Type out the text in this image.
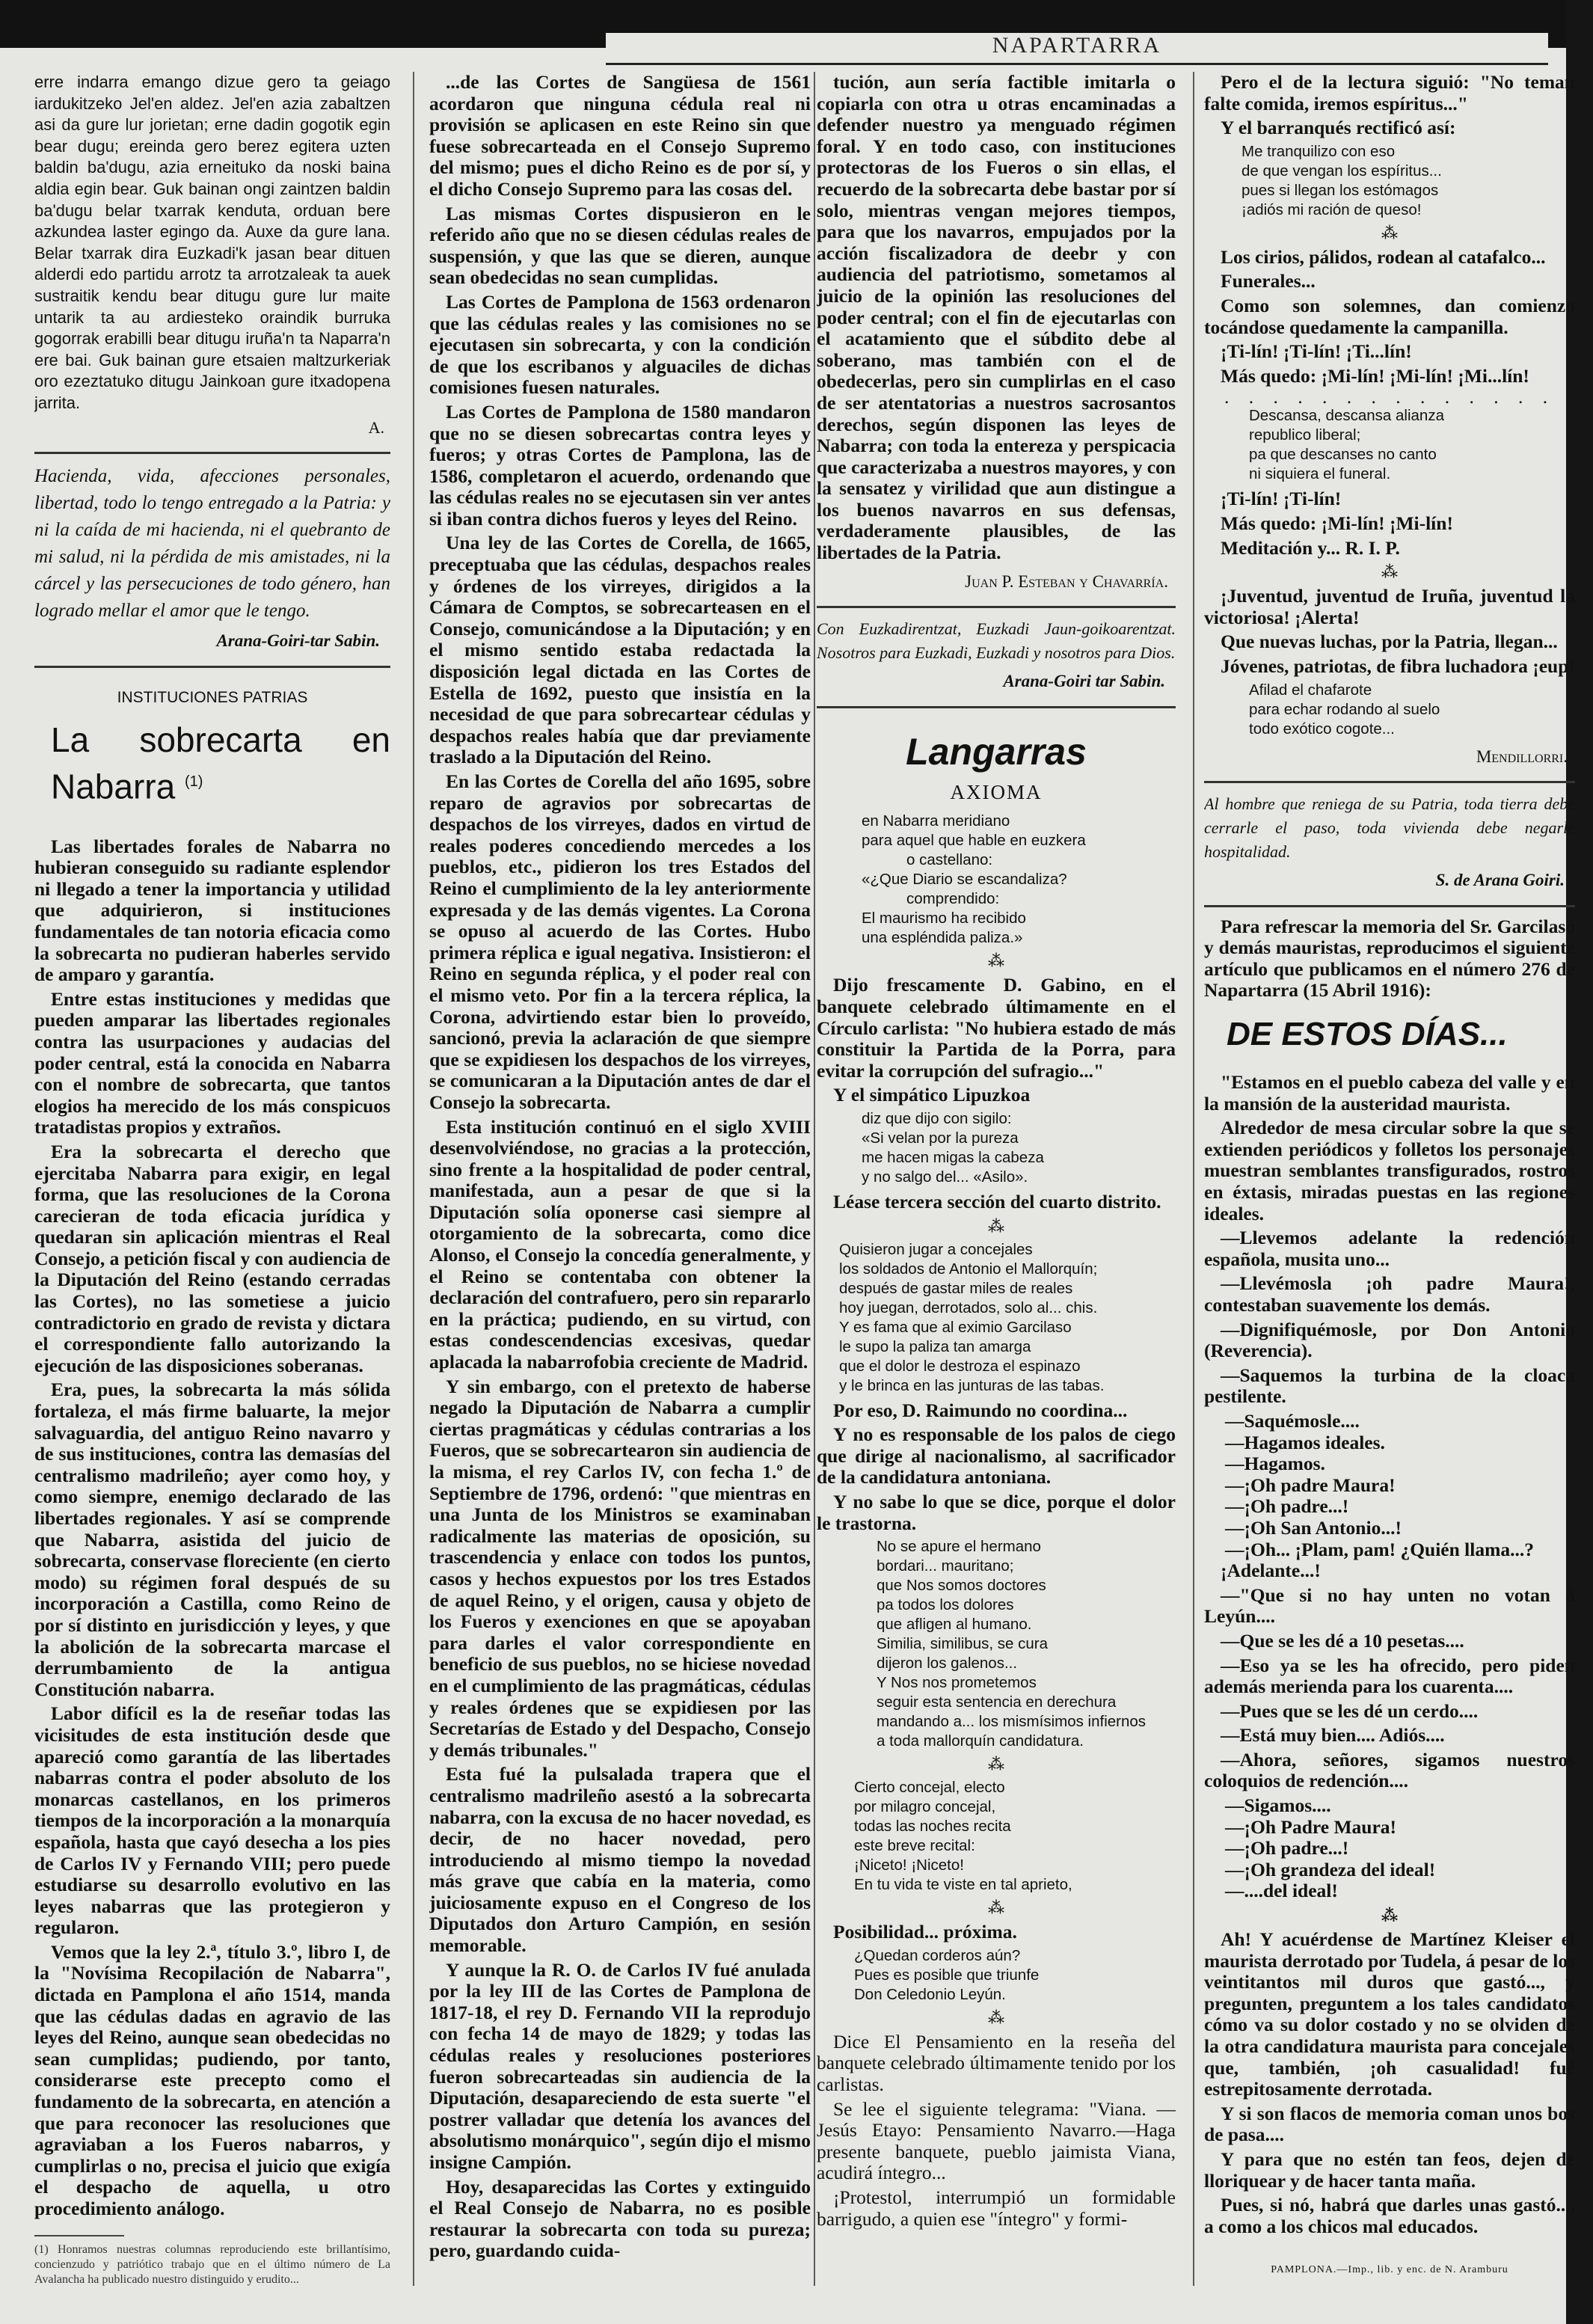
NAPARTARRA

erre indarra emango dizue gero ta geiago iardukitzeko Jel'en aldez. Jel'en azia zabaltzen asi da gure lur jorietan; erne dadin gogotik egin bear dugu; ereinda gero berez egitera uzten baldin ba'dugu, azia erneituko da noski baina aldia egin bear. Guk bainan ongi zaintzen baldin ba'dugu belar txarrak kenduta, orduan bere azkundea laster egingo da. Auxe da gure lana. Belar txarrak dira Euzkadi'k jasan bear dituen alderdi edo partidu arrotz ta arrotzaleak ta auek sustraitik kendu bear ditugu gure lur maite untarik ta au ardiesteko oraindik burruka gogorrak erabilli bear ditugu iruña'n ta Naparra'n ere bai. Guk bainan gure etsaien maltzurkeriak oro ezeztatuko ditugu Jainkoan gure itxadopena jarrita.

A.

Hacienda, vida, afecciones personales, libertad, todo lo tengo entregado a la Patria: y ni la caída de mi hacienda, ni el quebranto de mi salud, ni la pérdida de mis amistades, ni la cárcel y las persecuciones de todo género, han logrado mellar el amor que le tengo.

Arana-Goiri-tar Sabin.
INSTITUCIONES PATRIAS
La sobrecarta en Nabarra $^{(1)}$

Las libertades forales de Nabarra no hubieran conseguido su radiante esplendor ni llegado a tener la importancia y utilidad que adquirieron, si instituciones fundamentales de tan notoria eficacia como la sobrecarta no pudieran haberles servido de amparo y garantía.

Entre estas instituciones y medidas que pueden amparar las libertades regionales contra las usurpaciones y audacias del poder central, está la conocida en Nabarra con el nombre de sobrecarta, que tantos elogios ha merecido de los más conspicuos tratadistas propios y extraños.

Era la sobrecarta el derecho que ejercitaba Nabarra para exigir, en legal forma, que las resoluciones de la Corona carecieran de toda eficacia jurídica y quedaran sin aplicación mientras el Real Consejo, a petición fiscal y con audiencia de la Diputación del Reino (estando cerradas las Cortes), no las sometiese a juicio contradictorio en grado de revista y dictara el correspondiente fallo autorizando la ejecución de las disposiciones soberanas.

Era, pues, la sobrecarta la más sólida fortaleza, el más firme baluarte, la mejor salvaguardia, del antiguo Reino navarro y de sus instituciones, contra las demasías del centralismo madrileño; ayer como hoy, y como siempre, enemigo declarado de las libertades regionales. Y así se comprende que Nabarra, asistida del juicio de sobrecarta, conservase floreciente (en cierto modo) su régimen foral después de su incorporación a Castilla, como Reino de por sí distinto en jurisdicción y leyes, y que la abolición de la sobrecarta marcase el derrumbamiento de la antigua Constitución nabarra.

Labor difícil es la de reseñar todas las vicisitudes de esta institución desde que apareció como garantía de las libertades nabarras contra el poder absoluto de los monarcas castellanos, en los primeros tiempos de la incorporación a la monarquía española, hasta que cayó desecha a los pies de Carlos IV y Fernando VIII; pero puede estudiarse su desarrollo evolutivo en las leyes nabarras que las protegieron y regularon.

Vemos que la ley 2.ª, título 3.º, libro I, de la "Novísima Recopilación de Nabarra", dictada en Pamplona el año 1514, manda que las cédulas dadas en agravio de las leyes del Reino, aunque sean obedecidas no sean cumplidas; pudiendo, por tanto, considerarse este precepto como el fundamento de la sobrecarta, en atención a que para reconocer las resoluciones que agraviaban a los Fueros nabarros, y cumplirlas o no, precisa el juicio que exigía el despacho de aquella, u otro procedimiento análogo.

(1) Honramos nuestras columnas reproduciendo este brillantísimo, concienzudo y patriótico trabajo que en el último número de La Avalancha ha publicado nuestro distinguido y erudito...

...de las Cortes de Sangüesa de 1561 acordaron que ninguna cédula real ni provisión se aplicasen en este Reino sin que fuese sobrecarteada en el Consejo Supremo del mismo; pues el dicho Reino es de por sí, y el dicho Consejo Supremo para las cosas del.

Las mismas Cortes dispusieron en le referido año que no se diesen cédulas reales de suspensión, y que las que se dieren, aunque sean obedecidas no sean cumplidas.

Las Cortes de Pamplona de 1563 ordenaron que las cédulas reales y las comisiones no se ejecutasen sin sobrecarta, y con la condición de que los escribanos y alguaciles de dichas comisiones fuesen naturales.

Las Cortes de Pamplona de 1580 mandaron que no se diesen sobrecartas contra leyes y fueros; y otras Cortes de Pamplona, las de 1586, completaron el acuerdo, ordenando que las cédulas reales no se ejecutasen sin ver antes si iban contra dichos fueros y leyes del Reino.

Una ley de las Cortes de Corella, de 1665, preceptuaba que las cédulas, despachos reales y órdenes de los virreyes, dirigidos a la Cámara de Comptos, se sobrecarteasen en el Consejo, comunicándose a la Diputación; y en el mismo sentido estaba redactada la disposición legal dictada en las Cortes de Estella de 1692, puesto que insistía en la necesidad de que para sobrecartear cédulas y despachos reales había que dar previamente traslado a la Diputación del Reino.

En las Cortes de Corella del año 1695, sobre reparo de agravios por sobrecartas de despachos de los virreyes, dados en virtud de reales poderes concediendo mercedes a los pueblos, etc., pidieron los tres Estados del Reino el cumplimiento de la ley anteriormente expresada y de las demás vigentes. La Corona se opuso al acuerdo de las Cortes. Hubo primera réplica e igual negativa. Insistieron: el Reino en segunda réplica, y el poder real con el mismo veto. Por fin a la tercera réplica, la Corona, advirtiendo estar bien lo proveído, sancionó, previa la aclaración de que siempre que se expidiesen los despachos de los virreyes, se comunicaran a la Diputación antes de dar el Consejo la sobrecarta.

Esta institución continuó en el siglo XVIII desenvolviéndose, no gracias a la protección, sino frente a la hospitalidad de poder central, manifestada, aun a pesar de que si la Diputación solía oponerse casi siempre al otorgamiento de la sobrecarta, como dice Alonso, el Consejo la concedía generalmente, y el Reino se contentaba con obtener la declaración del contrafuero, pero sin repararlo en la práctica; pudiendo, en su virtud, con estas condescendencias excesivas, quedar aplacada la nabarrofobia creciente de Madrid.

Y sin embargo, con el pretexto de haberse negado la Diputación de Nabarra a cumplir ciertas pragmáticas y cédulas contrarias a los Fueros, que se sobrecartearon sin audiencia de la misma, el rey Carlos IV, con fecha 1.º de Septiembre de 1796, ordenó: "que mientras en una Junta de los Ministros se examinaban radicalmente las materias de oposición, su trascendencia y enlace con todos los puntos, casos y hechos expuestos por los tres Estados de aquel Reino, y el origen, causa y objeto de los Fueros y exenciones en que se apoyaban para darles el valor correspondiente en beneficio de sus pueblos, no se hiciese novedad en el cumplimiento de las pragmáticas, cédulas y reales órdenes que se expidiesen por las Secretarías de Estado y del Despacho, Consejo y demás tribunales."

Esta fué la pulsalada trapera que el centralismo madrileño asestó a la sobrecarta nabarra, con la excusa de no hacer novedad, es decir, de no hacer novedad, pero introduciendo al mismo tiempo la novedad más grave que cabía en la materia, como juiciosamente expuso en el Congreso de los Diputados don Arturo Campión, en sesión memorable.

Y aunque la R. O. de Carlos IV fué anulada por la ley III de las Cortes de Pamplona de 1817-18, el rey D. Fernando VII la reprodujo con fecha 14 de mayo de 1829; y todas las cédulas reales y resoluciones posteriores fueron sobrecarteadas sin audiencia de la Diputación, desapareciendo de esta suerte "el postrer valladar que detenía los avances del absolutismo monárquico", según dijo el mismo insigne Campión.

Hoy, desaparecidas las Cortes y extinguido el Real Consejo de Nabarra, no es posible restaurar la sobrecarta con toda su pureza; pero, guardando cuida-

tución, aun sería factible imitarla o copiarla con otra u otras encaminadas a defender nuestro ya menguado régimen foral. Y en todo caso, con instituciones protectoras de los Fueros o sin ellas, el recuerdo de la sobrecarta debe bastar por sí solo, mientras vengan mejores tiempos, para que los navarros, empujados por la acción fiscalizadora de deebr y con audiencia del patriotismo, sometamos al juicio de la opinión las resoluciones del poder central; con el fin de ejecutarlas con el acatamiento que el súbdito debe al soberano, mas también con el de obedecerlas, pero sin cumplirlas en el caso de ser atentatorias a nuestros sacrosantos derechos, según disponen las leyes de Nabarra; con toda la entereza y perspicacia que caracterizaba a nuestros mayores, y con la sensatez y virilidad que aun distingue a los buenos navarros en sus defensas, verdaderamente plausibles, de las libertades de la Patria.

Juan P. Esteban y Chavarría.

Con Euzkadirentzat, Euzkadi Jaun-goikoarentzat. Nosotros para Euzkadi, Euzkadi y nosotros para Dios.

Arana-Goiri tar Sabin.
Langarras
AXIOMA
en Nabarra meridiano
para aquel que hable en euzkera
o castellano:
«¿Que Diario se escandaliza?
comprendido:
El maurismo ha recibido
una espléndida paliza.»
⁂

Dijo frescamente D. Gabino, en el banquete celebrado últimamente en el Círculo carlista: "No hubiera estado de más constituir la Partida de la Porra, para evitar la corrupción del sufragio..."

Y el simpático Lipuzkoa

diz que dijo con sigilo:
«Si velan por la pureza
me hacen migas la cabeza
y no salgo del... «Asilo».

Léase tercera sección del cuarto distrito.

⁂
Quisieron jugar a concejales
los soldados de Antonio el Mallorquín;
después de gastar miles de reales
hoy juegan, derrotados, solo al... chis.
Y es fama que al eximio Garcilaso
le supo la paliza tan amarga
que el dolor le destroza el espinazo
y le brinca en las junturas de las tabas.

Por eso, D. Raimundo no coordina...

Y no es responsable de los palos de ciego que dirige al nacionalismo, al sacrificador de la candidatura antoniana.

Y no sabe lo que se dice, porque el dolor le trastorna.

No se apure el hermano
bordari... mauritano;
que Nos somos doctores
pa todos los dolores
que afligen al humano.
Similia, similibus, se cura
dijeron los galenos...
Y Nos nos prometemos
seguir esta sentencia en derechura
mandando a... los mismísimos infiernos
a toda mallorquín candidatura.
⁂
Cierto concejal, electo
por milagro concejal,
todas las noches recita
este breve recital:
¡Niceto! ¡Niceto!
En tu vida te viste en tal aprieto,
⁂

Posibilidad... próxima.

¿Quedan corderos aún?
Pues es posible que triunfe
Don Celedonio Leyún.
⁂

Dice El Pensamiento en la reseña del banquete celebrado últimamente tenido por los carlistas.

Se lee el siguiente telegrama: "Viana. —Jesús Etayo: Pensamiento Navarro.—Haga presente banquete, pueblo jaimista Viana, acudirá íntegro...

¡Protestol, interrumpió un formidable barrigudo, a quien ese "íntegro" y formi-

Pero el de la lectura siguió: "No teman falte comida, iremos espíritus..."

Y el barranqués rectificó así:

Me tranquilizo con eso
de que vengan los espíritus...
pues si llegan los estómagos
¡adiós mi ración de queso!
⁂

Los cirios, pálidos, rodean al catafalco...

Funerales...

Como son solemnes, dan comienzo tocándose quedamente la campanilla.

¡Ti-lín! ¡Ti-lín! ¡Ti...lín!

Más quedo: ¡Mi-lín! ¡Mi-lín! ¡Mi...lín!

. . . . . . . . . . . . . .
Descansa, descansa alianza
republico liberal;
pa que descanses no canto
ni siquiera el funeral.

¡Ti-lín! ¡Ti-lín!

Más quedo: ¡Mi-lín! ¡Mi-lín!

Meditación y... R. I. P.

⁂

¡Juventud, juventud de Iruña, juventud la victoriosa! ¡Alerta!

Que nuevas luchas, por la Patria, llegan...

Jóvenes, patriotas, de fibra luchadora ¡eup!

Afilad el chafarote
para echar rodando al suelo
todo exótico cogote...
Mendillorri.

Al hombre que reniega de su Patria, toda tierra debe cerrarle el paso, toda vivienda debe negarle hospitalidad.

S. de Arana Goiri.

Para refrescar la memoria del Sr. Garcilaso y demás mauristas, reproducimos el siguiente artículo que publicamos en el número 276 de Napartarra (15 Abril 1916):

DE ESTOS DÍAS...

"Estamos en el pueblo cabeza del valle y en la mansión de la austeridad maurista.

Alrededor de mesa circular sobre la que se extienden periódicos y folletos los personajes muestran semblantes transfigurados, rostros en éxtasis, miradas puestas en las regiones ideales.

—Llevemos adelante la redención española, musita uno...

—Llevémosla ¡oh padre Maura!, contestaban suavemente los demás.

—Dignifiquémosle, por Don Antonio (Reverencia).

—Saquemos la turbina de la cloaca pestilente.

—Saquémosle....

—Hagamos ideales.

—Hagamos.

—¡Oh padre Maura!

—¡Oh padre...!

—¡Oh San Antonio...!

—¡Oh... ¡Plam, pam! ¿Quién llama...?

¡Adelante...!

—"Que si no hay unten no votan á Leyún....

—Que se les dé a 10 pesetas....

—Eso ya se les ha ofrecido, pero piden además merienda para los cuarenta....

—Pues que se les dé un cerdo....

—Está muy bien.... Adiós....

—Ahora, señores, sigamos nuestros coloquios de redención....

—Sigamos....

—¡Oh Padre Maura!

—¡Oh padre...!

—¡Oh grandeza del ideal!

—....del ideal!

⁂

Ah! Y acuérdense de Martínez Kleiser el maurista derrotado por Tudela, á pesar de los veintitantos mil duros que gastó..., y pregunten, preguntem a los tales candidatos cómo va su dolor costado y no se olviden de la otra candidatura maurista para concejales que, también, ¡oh casualidad! fué estrepitosamente derrotada.

Y si son flacos de memoria coman unos bos de pasa....

Y para que no estén tan feos, dejen de lloriquear y de hacer tanta maña.

Pues, si nó, habrá que darles unas gastó..., a como a los chicos mal educados.

PAMPLONA.—Imp., lib. y enc. de N. Aramburu
